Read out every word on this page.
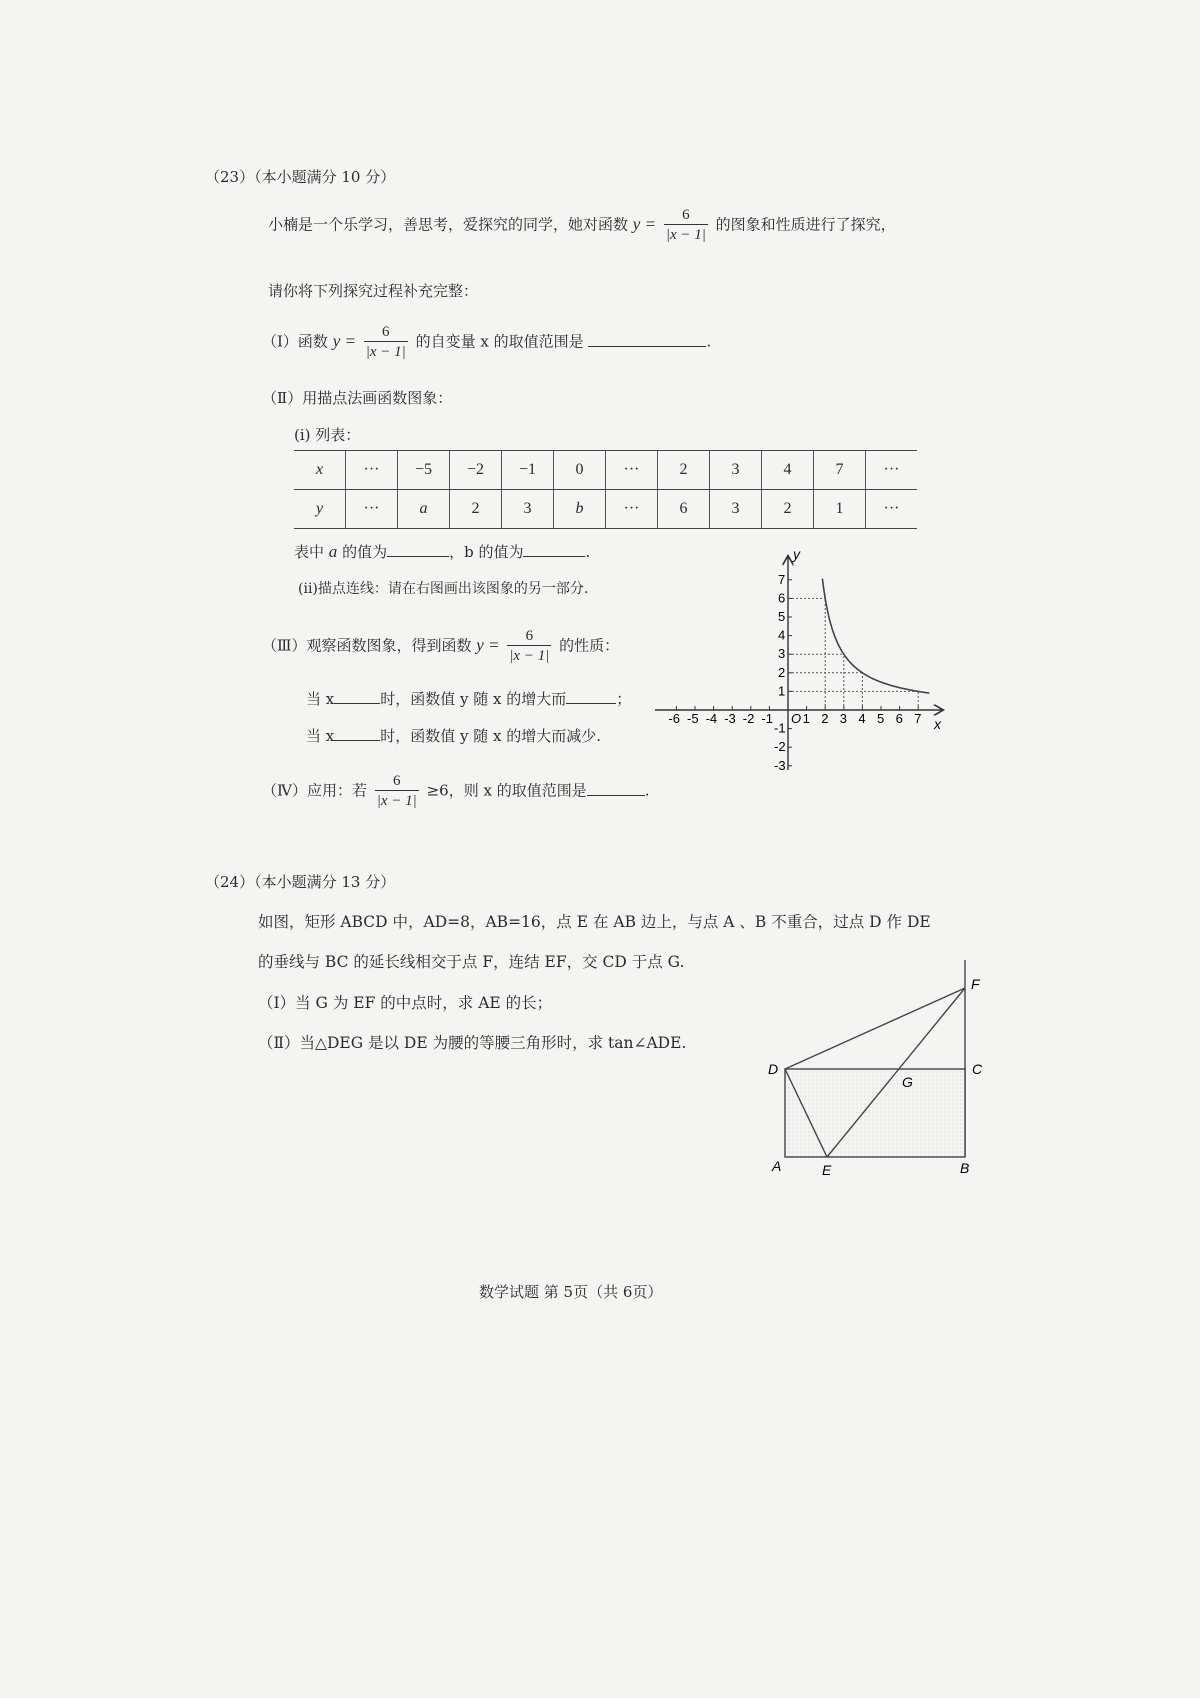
（23）（本小题满分 10 分）
小楠是一个乐学习，善思考，爱探究的同学，她对函数 $y = \frac{6}{|x - 1|}$ 的图象和性质进行了探究，
请你将下列探究过程补充完整：
（Ⅰ）函数 $y = \frac{6}{|x - 1|}$ 的自变量 x 的取值范围是	.
（Ⅱ）用描点法画函数图象：
(ⅰ) 列表：
x	···	−5	−2	−1	0	···	2	3	4	7	···
y	···	a	2	3	b	···	6	3	2	1	···
表中 a 的值为	，b 的值为	.
(ⅱ)描点连线：请在右图画出该图象的另一部分.
（Ⅲ）观察函数图象，得到函数 $y = \frac{6}{|x - 1|}$ 的性质：
当 x	时，函数值 y 随 x 的增大而	；
当 x	时，函数值 y 随 x 的增大而减少.
（Ⅳ）应用：若 $\frac{6}{|x - 1|} \ge 6$，则 x 的取值范围是	.
y
x
O
-6 -5 -4 -3 -2 -1 1 2 3 4 5 6 7
7
6
5
4
3
2
1
-1
-2
-3
（24）（本小题满分 13 分）
如图，矩形 ABCD 中，AD=8，AB=16，点 E 在 AB 边上，与点 A 、B 不重合，过点 D 作 DE
的垂线与 BC 的延长线相交于点 F，连结 EF，交 CD 于点 G.
（Ⅰ）当 G 为 EF 的中点时，求 AE 的长；
（Ⅱ）当△DEG 是以 DE 为腰的等腰三角形时，求 tan∠ADE.
D	C
A	E	B
F
G
数学试题 第 5页（共 6页）
